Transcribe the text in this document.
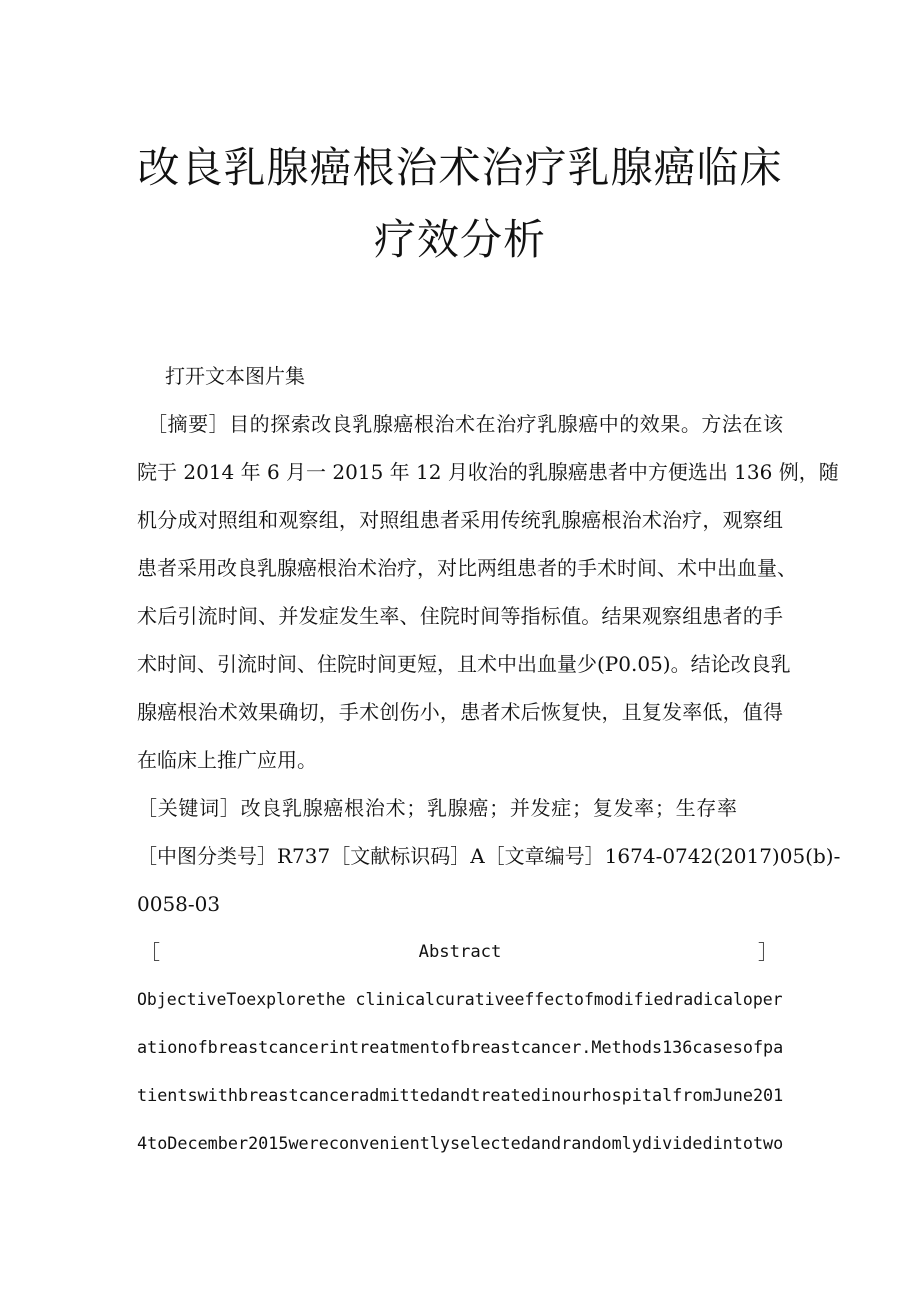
改良乳腺癌根治术治疗乳腺癌临床
疗效分析

打开文本图片集

［摘要］目的探索改良乳腺癌根治术在治疗乳腺癌中的效果。方法在该

院于 2014 年 6 月一 2015 年 12 月收治的乳腺癌患者中方便选出 136 例，随

机分成对照组和观察组，对照组患者采用传统乳腺癌根治术治疗，观察组

患者采用改良乳腺癌根治术治疗，对比两组患者的手术时间、术中出血量、

术后引流时间、并发症发生率、住院时间等指标值。结果观察组患者的手

术时间、引流时间、住院时间更短，且术中出血量少(P0.05)。结论改良乳

腺癌根治术效果确切，手术创伤小，患者术后恢复快，且复发率低，值得

在临床上推广应用。

［关键词］改良乳腺癌根治术；乳腺癌；并发症；复发率；生存率

［中图分类号］R737［文献标识码］A［文章编号］1674-0742(2017)05(b)-

0058-03

［	Abstract	］

ObjectiveToexplorethe clinicalcurativeeffectofmodifiedradicaloper

ationofbreastcancerintreatmentofbreastcancer.Methods136casesofpa

tientswithbreastcanceradmittedandtreatedinourhospitalfromJune201

4toDecember2015wereconvenientlyselectedandrandomlydividedintotwo
